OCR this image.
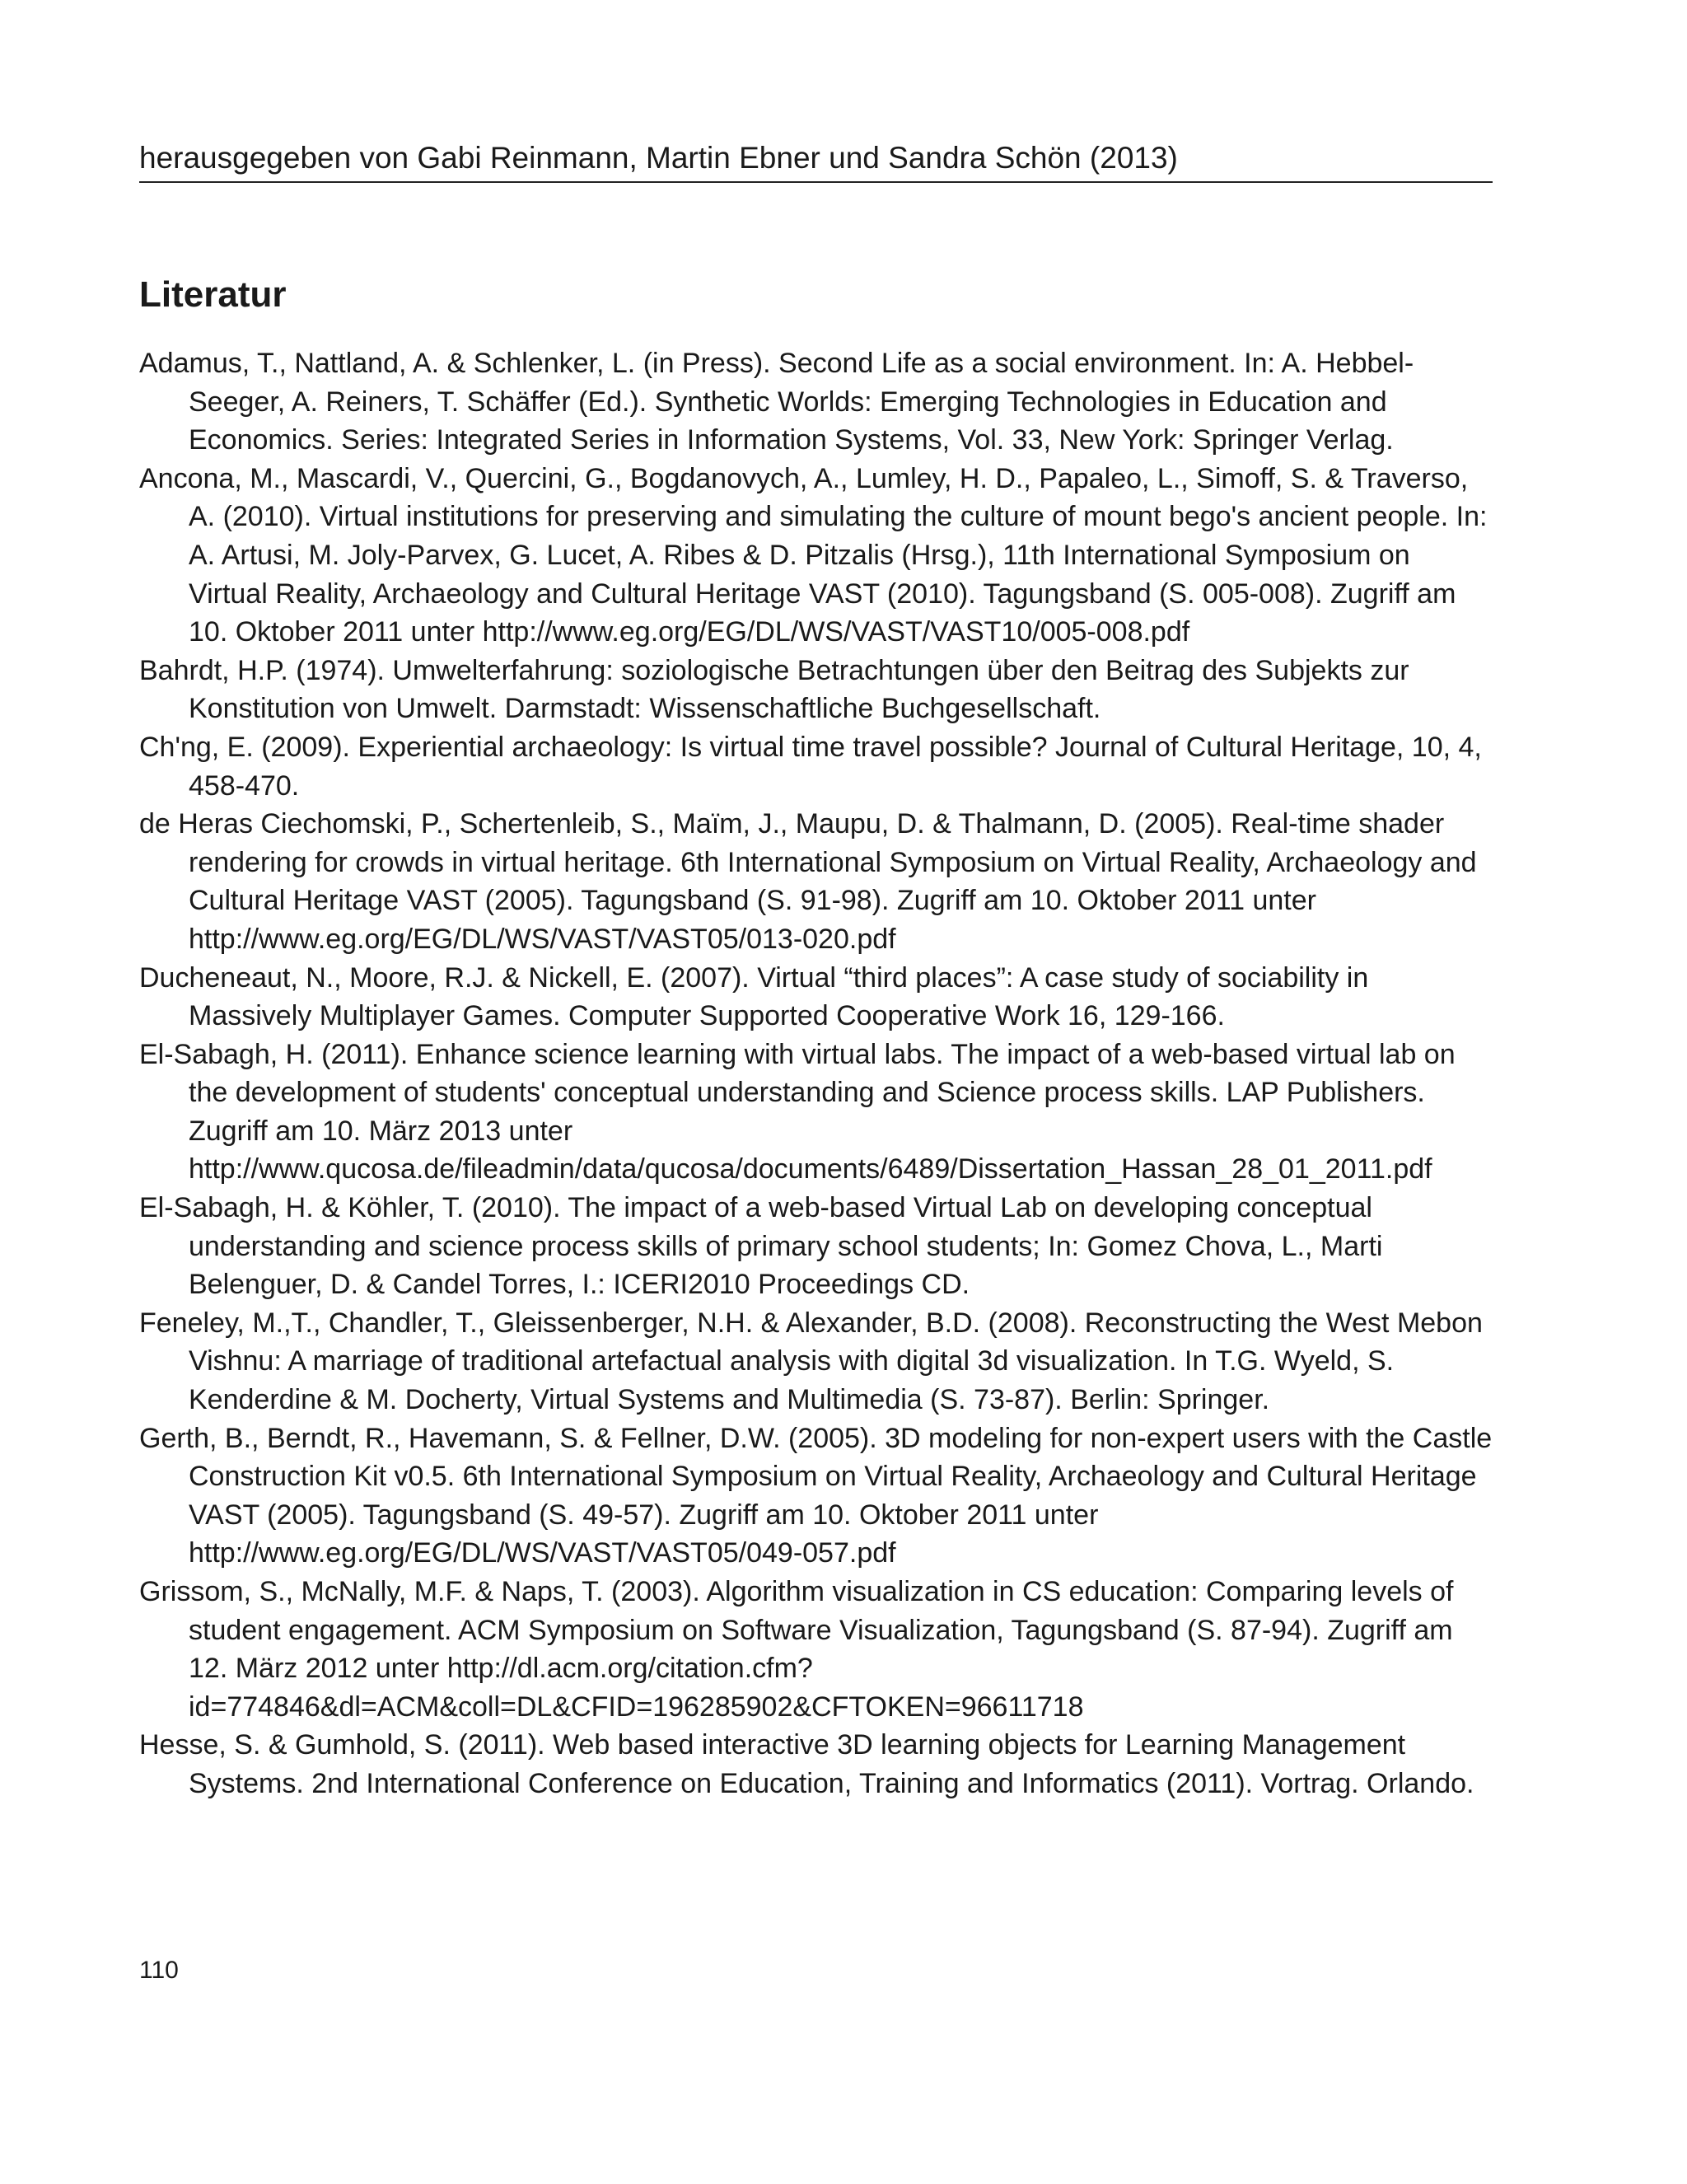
herausgegeben von Gabi Reinmann, Martin Ebner und Sandra Schön (2013)
Literatur

Adamus, T., Nattland, A. & Schlenker, L. (in Press). Second Life as a social environment. In: A. Hebbel-Seeger, A. Reiners, T. Schäffer (Ed.). Synthetic Worlds: Emerging Technologies in Education and Economics. Series: Integrated Series in Information Systems, Vol. 33, New York: Springer Verlag.

Ancona, M., Mascardi, V., Quercini, G., Bogdanovych, A., Lumley, H. D., Papaleo, L., Simoff, S. & Traverso, A. (2010). Virtual institutions for preserving and simulating the culture of mount bego's ancient people. In: A. Artusi, M. Joly-Parvex, G. Lucet, A. Ribes & D. Pitzalis (Hrsg.), 11th International Symposium on Virtual Reality, Archaeology and Cultural Heritage VAST (2010). Tagungsband (S. 005-008). Zugriff am 10. Oktober 2011 unter http://www.eg.org/EG/DL/WS/VAST/VAST10/005-008.pdf

Bahrdt, H.P. (1974). Umwelterfahrung: soziologische Betrachtungen über den Beitrag des Subjekts zur Konstitution von Umwelt. Darmstadt: Wissenschaftliche Buchgesellschaft.

Ch'ng, E. (2009). Experiential archaeology: Is virtual time travel possible? Journal of Cultural Heritage, 10, 4, 458-470.

de Heras Ciechomski, P., Schertenleib, S., Maïm, J., Maupu, D. & Thalmann, D. (2005). Real-time shader rendering for crowds in virtual heritage. 6th International Symposium on Virtual Reality, Archaeology and Cultural Heritage VAST (2005). Tagungsband (S. 91-98). Zugriff am 10. Oktober 2011 unter http://www.eg.org/EG/DL/WS/VAST/VAST05/013-020.pdf

Ducheneaut, N., Moore, R.J. & Nickell, E. (2007). Virtual “third places”: A case study of sociability in Massively Multiplayer Games. Computer Supported Cooperative Work 16, 129-166.

El-Sabagh, H. (2011). Enhance science learning with virtual labs. The impact of a web-based virtual lab on the development of students' conceptual understanding and Science process skills. LAP Publishers. Zugriff am 10. März 2013 unter http://www.qucosa.de/fileadmin/data/qucosa/documents/6489/Dissertation_Hassan_28_01_2011.pdf

El-Sabagh, H. & Köhler, T. (2010). The impact of a web-based Virtual Lab on developing conceptual understanding and science process skills of primary school students; In: Gomez Chova, L., Marti Belenguer, D. & Candel Torres, I.: ICERI2010 Proceedings CD.

Feneley, M.,T., Chandler, T., Gleissenberger, N.H. & Alexander, B.D. (2008). Reconstructing the West Mebon Vishnu: A marriage of traditional artefactual analysis with digital 3d visualization. In T.G. Wyeld, S. Kenderdine & M. Docherty, Virtual Systems and Multimedia (S. 73-87). Berlin: Springer.

Gerth, B., Berndt, R., Havemann, S. & Fellner, D.W. (2005). 3D modeling for non-expert users with the Castle Construction Kit v0.5. 6th International Symposium on Virtual Reality, Archaeology and Cultural Heritage VAST (2005). Tagungsband (S. 49-57). Zugriff am 10. Oktober 2011 unter http://www.eg.org/EG/DL/WS/VAST/VAST05/049-057.pdf

Grissom, S., McNally, M.F. & Naps, T. (2003). Algorithm visualization in CS education: Comparing levels of student engagement. ACM Symposium on Software Visualization, Tagungsband (S. 87-94). Zugriff am 12. März 2012 unter http://dl.acm.org/citation.cfm?id=774846&dl=ACM&coll=DL&CFID=196285902&CFTOKEN=96611718

Hesse, S. & Gumhold, S. (2011). Web based interactive 3D learning objects for Learning Management Systems. 2nd International Conference on Education, Training and Informatics (2011). Vortrag. Orlando.

110
